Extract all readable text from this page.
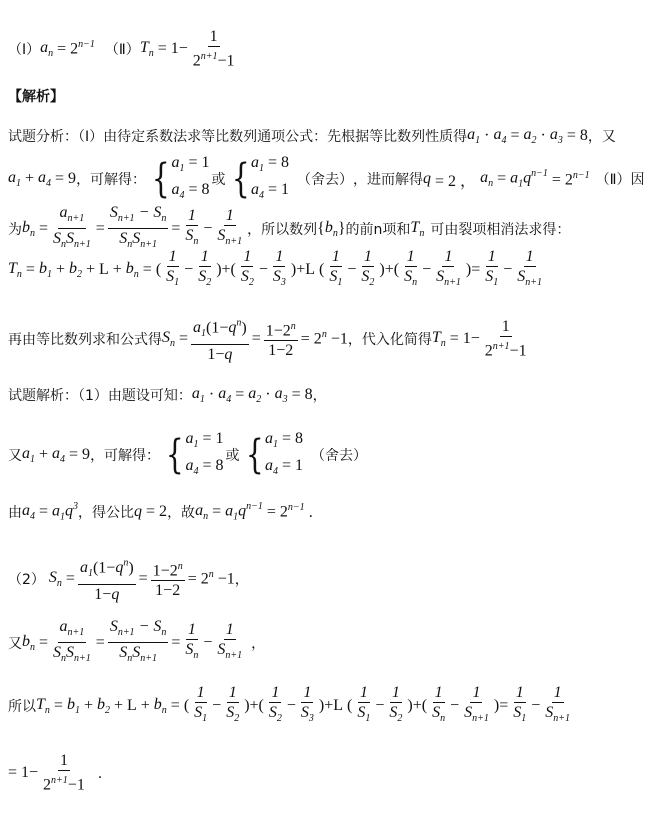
（Ⅰ） $a_n = 2^{n-1}$ （Ⅱ） $T_n = 1- \frac{1}{2^{n+1}-1}$
【解析】
试题分析：（Ⅰ）由待定系数法求等比数列通项公式：先根据等比数列性质得 $a_1 \cdot a_4 = a_2 \cdot a_3 = 8$ ，又
$a_1 + a_4 = 9$ ，可解得： { $a_1 = 1$
$a_4 = 8$
或 { $a_1 = 8$
$a_4 = 1$
（舍去） ，进而解得 q = 2 ， $a_n = a_1q^{n-1} = 2^{n-1}$ （Ⅱ）因
为 $b_n = \frac{a_{n+1}}{S_nS_{n+1}} = \frac{S_{n+1} - S_n}{S_nS_{n+1}} = \frac{1}{S_n} - \frac{1}{S_{n+1}}$ ，所以数列 { $b_n$ } 的前n项和 $T_n$ 可由裂项相消法求得：
$T_n = b_1 + b_2 + L + b_n$ = ( $\frac{1}{S_1} - \frac{1}{S_2}$ )+( $\frac{1}{S_2} - \frac{1}{S_3} )+L$ ( $\frac{1}{S_1} - \frac{1}{S_2}$ )+( $\frac{1}{S_n} - \frac{1}{S_{n+1}}$ )= $\frac{1}{S_1} - \frac{1}{S_{n+1}}$
再由等比数列求和公式得 $S_n = \frac{a_1(1-q^n)}{1-q} = \frac{1-2^n}{1-2} = 2^n -1$ ，代入化简得 $T_n = 1- \frac{1}{2^{n+1}-1}$
试题解析：（1）由题设可知： $a_1 \cdot a_4 = a_2 \cdot a_3 = 8$ ，
又 $a_1 + a_4 = 9$ ，可解得： { $a_1 = 1$
$a_4 = 8$
或 { $a_1 = 8$
$a_4 = 1$
（舍去）
由 $a_4 = a_1q^3$ ，得公比 q = 2 ，故 $a_n = a_1q^{n-1} = 2^{n-1}$ ．
（2） $S_n = \frac{a_1(1-q^n)}{1-q} = \frac{1-2^n}{1-2} = 2^n -1$ ，
又 $b_n = \frac{a_{n+1}}{S_nS_{n+1}} = \frac{S_{n+1} - S_n}{S_nS_{n+1}} = \frac{1}{S_n} - \frac{1}{S_{n+1}}$ ，
所以 $T_n = b_1 + b_2 + L + b_n$ = ( $\frac{1}{S_1} - \frac{1}{S_2}$ )+( $\frac{1}{S_2} - \frac{1}{S_3} )+L$ ( $\frac{1}{S_1} - \frac{1}{S_2}$ )+( $\frac{1}{S_n} - \frac{1}{S_{n+1}}$ )= $\frac{1}{S_1} - \frac{1}{S_{n+1}}$
= $1- \frac{1}{2^{n+1}-1}$ ．
